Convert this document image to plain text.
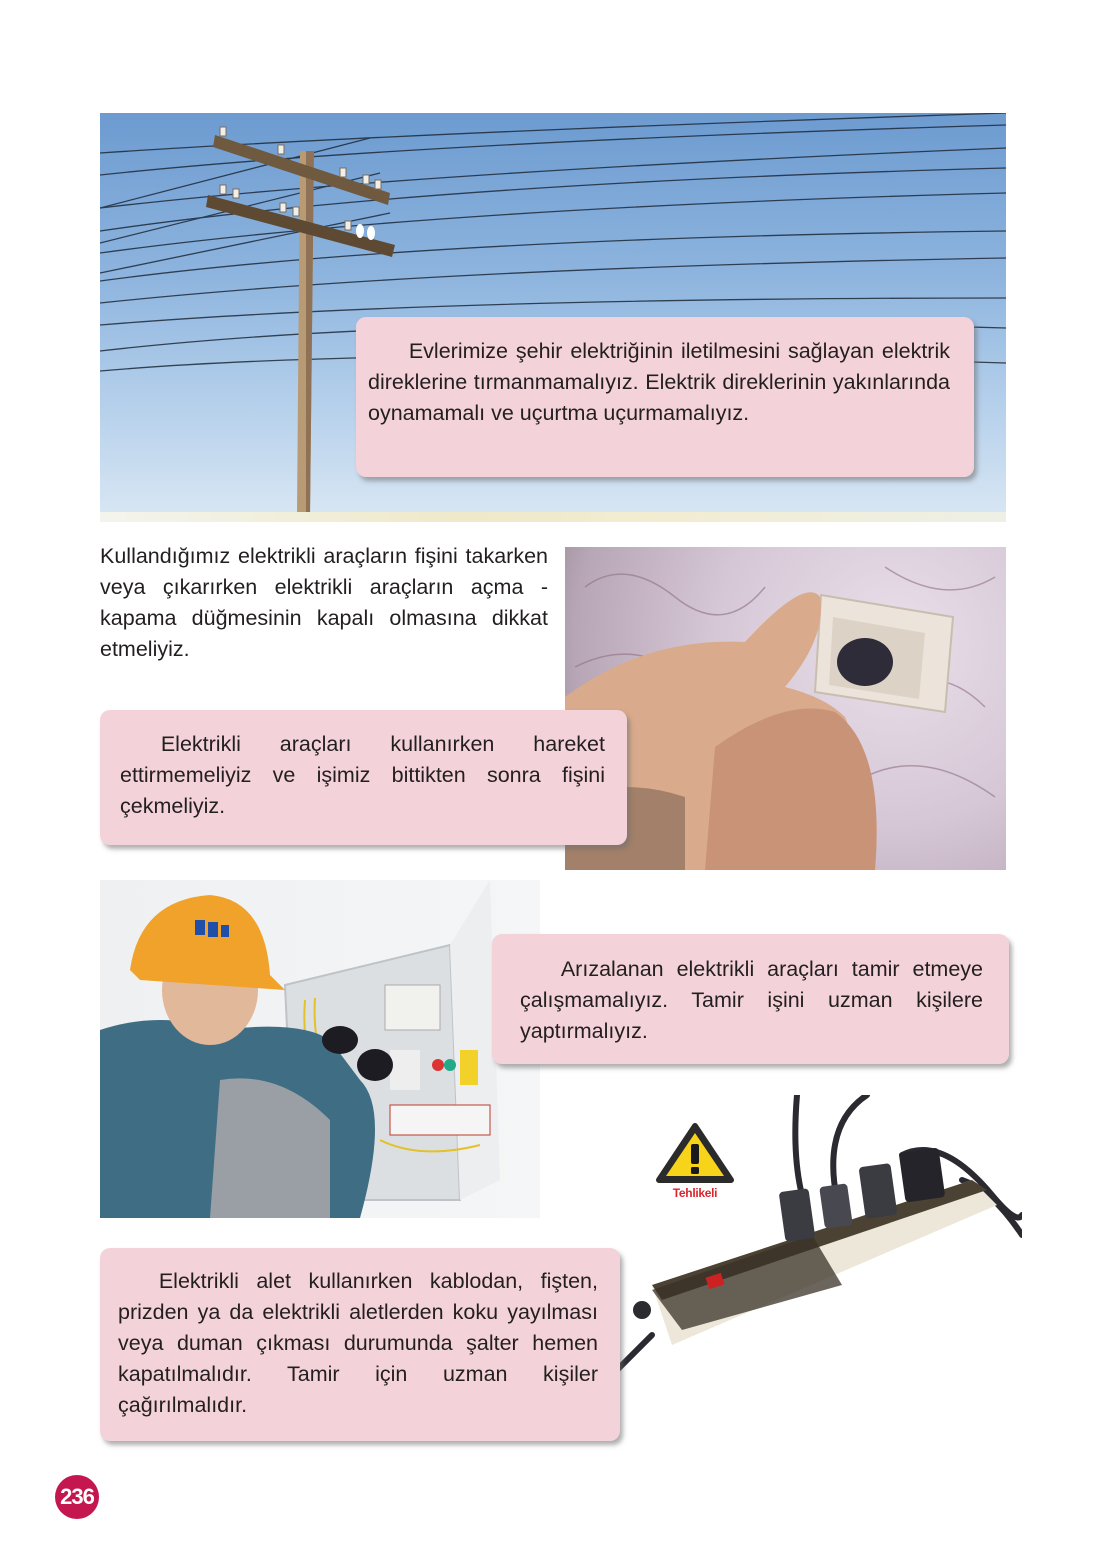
Evlerimize şehir elektriğinin iletilmesini sağlayan elektrik direklerine tırmanmamalıyız. Elektrik direklerinin yakınlarında oynamamalı ve uçurtma uçurmamalıyız.

Kullandığımız elektrikli araçların fişini takarken veya çıkarırken elektrikli araçların açma - kapama düğmesinin kapalı olmasına dikkat etmeliyiz.

Elektrikli araçları kullanırken hareket ettirmemeliyiz ve işimiz bittikten sonra fişini çekmeliyiz.

Arızalanan elektrikli araçları tamir etmeye çalışmamalıyız. Tamir işini uzman kişilere yaptırmalıyız.

Tehlikeli

Elektrikli alet kullanırken kablodan, fişten, prizden ya da elektrikli aletlerden koku yayılması veya duman çıkması durumunda şalter hemen kapatılmalıdır. Tamir için uzman kişiler çağırılmalıdır.

236
